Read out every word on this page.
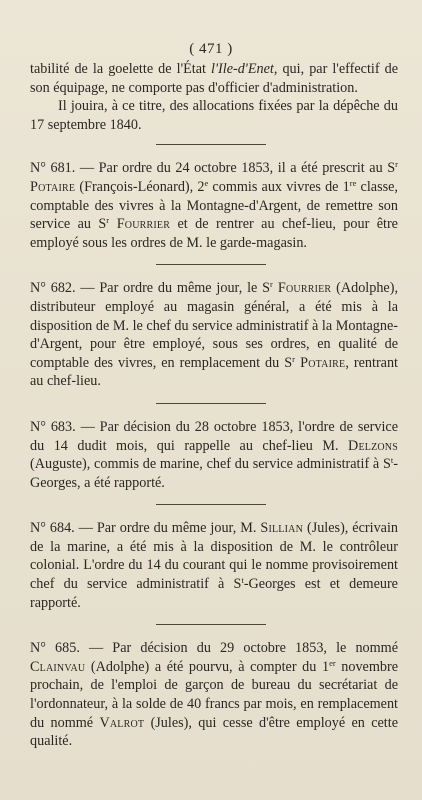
( 471 )

tabilité de la goelette de l'État l'Ile-d'Enet, qui, par l'effectif de son équipage, ne comporte pas d'officier d'administration.

Il jouira, à ce titre, des allocations fixées par la dépêche du 17 septembre 1840.

N° 681. — Par ordre du 24 octobre 1853, il a été prescrit au $S^r$ Potaire (François-Léonard), 2e commis aux vivres de 1re classe, comptable des vivres à la Montagne-d'Argent, de remettre son service au $S^r$ Fourrier et de rentrer au chef-lieu, pour être employé sous les ordres de M. le garde-magasin.

N° 682. — Par ordre du même jour, le $S^r$ Fourrier (Adolphe), distributeur employé au magasin général, a été mis à la disposition de M. le chef du service administratif à la Montagne-d'Argent, pour être employé, sous ses ordres, en qualité de comptable des vivres, en remplacement du $S^r$ Potaire, rentrant au chef-lieu.

N° 683. — Par décision du 28 octobre 1853, l'ordre de service du 14 dudit mois, qui rappelle au chef-lieu M. Delzons (Auguste), commis de marine, chef du service administratif à $S^t$-Georges, a été rapporté.

N° 684. — Par ordre du même jour, M. Sillian (Jules), écrivain de la marine, a été mis à la disposition de M. le contrôleur colonial. L'ordre du 14 du courant qui le nomme provisoirement chef du service administratif à $S^t$-Georges est et demeure rapporté.

N° 685. — Par décision du 29 octobre 1853, le nommé Clainvau (Adolphe) a été pourvu, à compter du 1er novembre prochain, de l'emploi de garçon de bureau du secrétariat de l'ordonnateur, à la solde de 40 francs par mois, en remplacement du nommé Valrot (Jules), qui cesse d'être employé en cette qualité.
